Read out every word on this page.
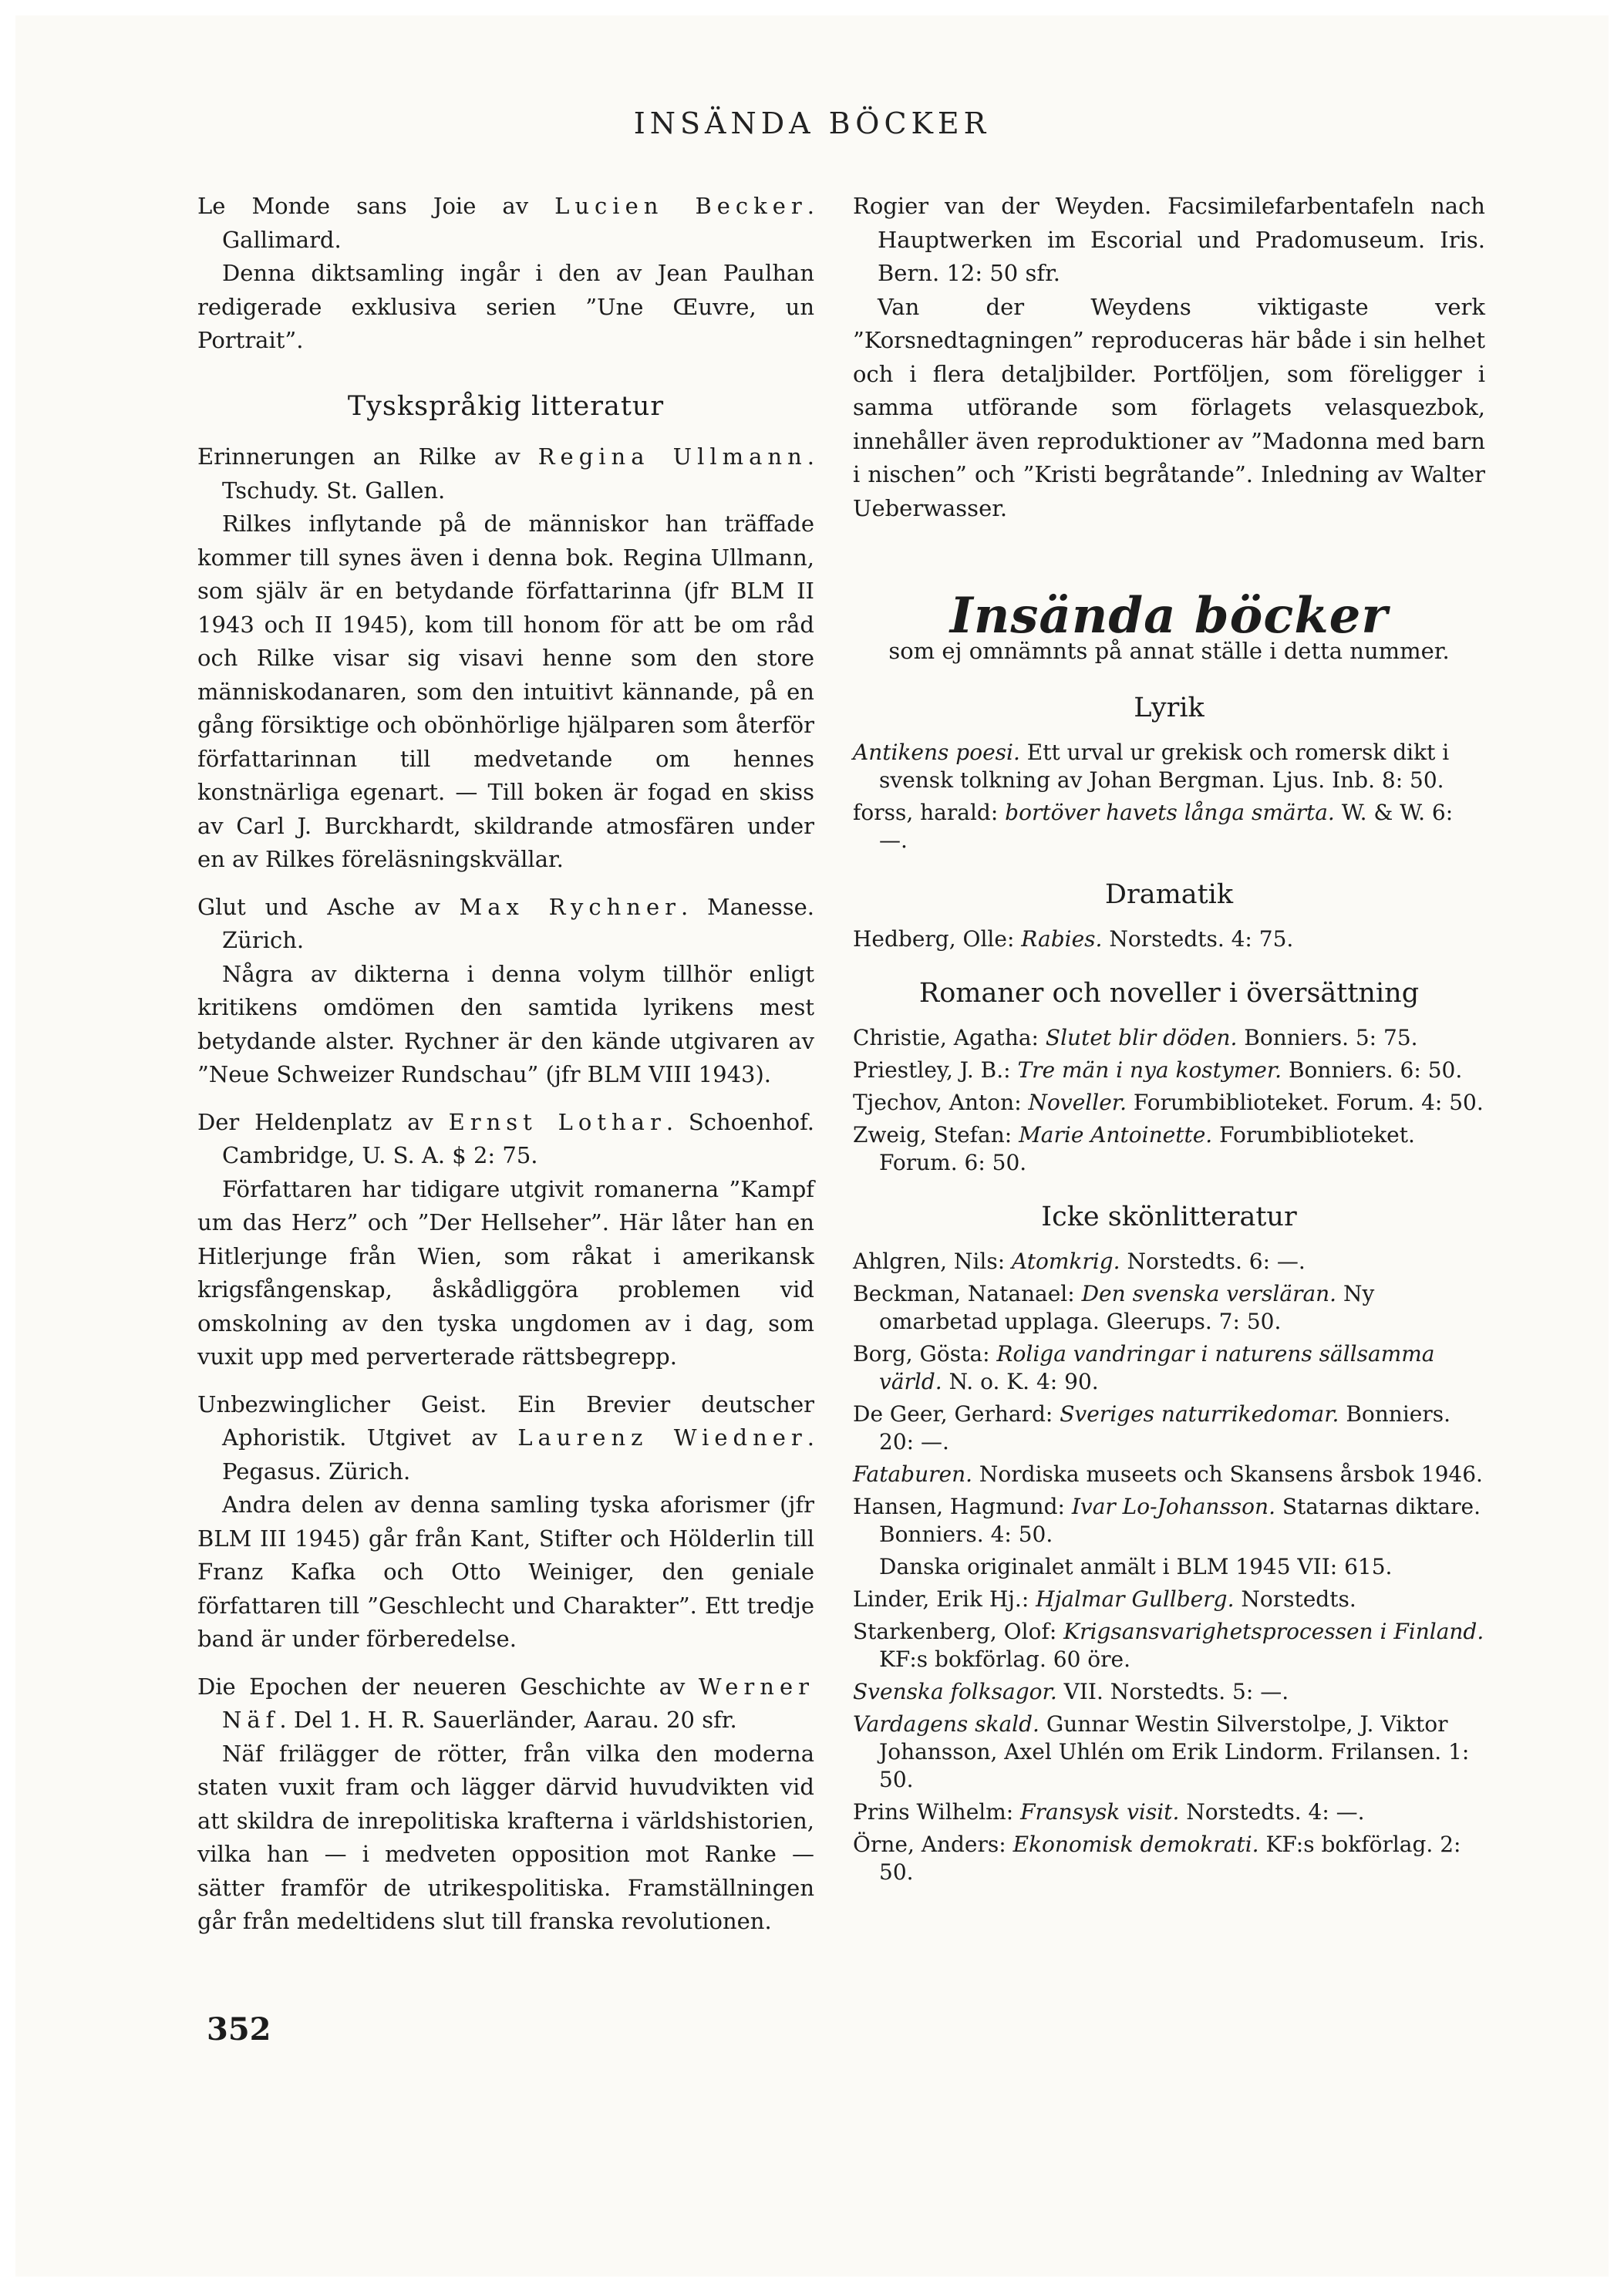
INSÄNDA BÖCKER
Le Monde sans Joie av Lucien Becker. Gallimard.
Denna diktsamling ingår i den av Jean Paulhan redigerade exklusiva serien ”Une Œuvre, un Portrait”.
Tyskspråkig litteratur
Erinnerungen an Rilke av Regina Ullmann. Tschudy. St. Gallen.
Rilkes inflytande på de människor han träffade kommer till synes även i denna bok. Regina Ullmann, som själv är en betydande författarinna (jfr BLM II 1943 och II 1945), kom till honom för att be om råd och Rilke visar sig visavi henne som den store människodanaren, som den intuitivt kännande, på en gång försiktige och obönhörlige hjälparen som återför författarinnan till medvetande om hennes konstnärliga egenart. — Till boken är fogad en skiss av Carl J. Burckhardt, skildrande atmosfären under en av Rilkes föreläsningskvällar.
Glut und Asche av Max Rychner. Manesse. Zürich.
Några av dikterna i denna volym tillhör enligt kritikens omdömen den samtida lyrikens mest betydande alster. Rychner är den kände utgivaren av ”Neue Schweizer Rundschau” (jfr BLM VIII 1943).
Der Heldenplatz av Ernst Lothar. Schoenhof. Cambridge, U. S. A. $ 2: 75.
Författaren har tidigare utgivit romanerna ”Kampf um das Herz” och ”Der Hellseher”. Här låter han en Hitlerjunge från Wien, som råkat i amerikansk krigsfångenskap, åskådliggöra problemen vid omskolning av den tyska ungdomen av i dag, som vuxit upp med perverterade rättsbegrepp.
Unbezwinglicher Geist. Ein Brevier deutscher Aphoristik. Utgivet av Laurenz Wiedner. Pegasus. Zürich.
Andra delen av denna samling tyska aforismer (jfr BLM III 1945) går från Kant, Stifter och Hölderlin till Franz Kafka och Otto Weiniger, den geniale författaren till ”Geschlecht und Charakter”. Ett tredje band är under förberedelse.
Die Epochen der neueren Geschichte av Werner Näf. Del 1. H. R. Sauerländer, Aarau. 20 sfr.
Näf frilägger de rötter, från vilka den moderna staten vuxit fram och lägger därvid huvudvikten vid att skildra de inrepolitiska krafterna i världshistorien, vilka han — i medveten opposition mot Ranke — sätter framför de utrikespolitiska. Framställningen går från medeltidens slut till franska revolutionen.
Rogier van der Weyden. Facsimilefarbentafeln nach Hauptwerken im Escorial und Pradomuseum. Iris. Bern. 12: 50 sfr.
Van der Weydens viktigaste verk ”Korsnedtagningen” reproduceras här både i sin helhet och i flera detaljbilder. Portföljen, som föreligger i samma utförande som förlagets velasquezbok, innehåller även reproduktioner av ”Madonna med barn i nischen” och ”Kristi begråtande”. Inledning av Walter Ueberwasser.
Insända böcker
som ej omnämnts på annat ställe i detta nummer.
Lyrik
Antikens poesi. Ett urval ur grekisk och romersk dikt i svensk tolkning av Johan Bergman. Ljus. Inb. 8: 50.
forss, harald: bortöver havets långa smärta. W. & W. 6: —.
Dramatik
Hedberg, Olle: Rabies. Norstedts. 4: 75.
Romaner och noveller i översättning
Christie, Agatha: Slutet blir döden. Bonniers. 5: 75.
Priestley, J. B.: Tre män i nya kostymer. Bonniers. 6: 50.
Tjechov, Anton: Noveller. Forumbiblioteket. Forum. 4: 50.
Zweig, Stefan: Marie Antoinette. Forumbiblioteket. Forum. 6: 50.
Icke skönlitteratur
Ahlgren, Nils: Atomkrig. Norstedts. 6: —.
Beckman, Natanael: Den svenska versläran. Ny omarbetad upplaga. Gleerups. 7: 50.
Borg, Gösta: Roliga vandringar i naturens sällsamma värld. N. o. K. 4: 90.
De Geer, Gerhard: Sveriges naturrikedomar. Bonniers. 20: —.
Fataburen. Nordiska museets och Skansens årsbok 1946.
Hansen, Hagmund: Ivar Lo-Johansson. Statarnas diktare. Bonniers. 4: 50.
Danska originalet anmält i BLM 1945 VII: 615.
Linder, Erik Hj.: Hjalmar Gullberg. Norstedts.
Starkenberg, Olof: Krigsansvarighetsprocessen i Finland. KF:s bokförlag. 60 öre.
Svenska folksagor. VII. Norstedts. 5: —.
Vardagens skald. Gunnar Westin Silverstolpe, J. Viktor Johansson, Axel Uhlén om Erik Lindorm. Frilansen. 1: 50.
Prins Wilhelm: Fransysk visit. Norstedts. 4: —.
Örne, Anders: Ekonomisk demokrati. KF:s bokförlag. 2: 50.
352
